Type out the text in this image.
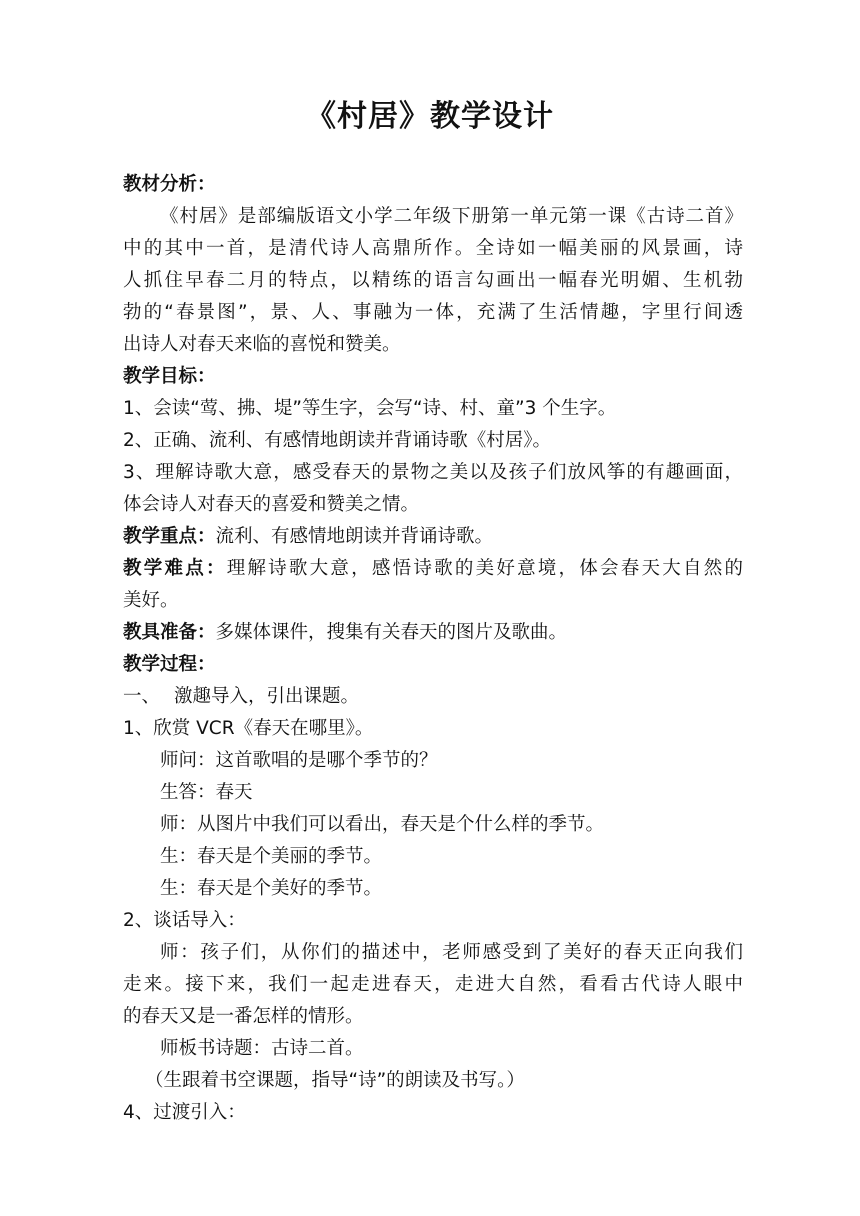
《村居》教学设计
教材分析：
《村居》是部编版语文小学二年级下册第一单元第一课《古诗二首》
中的其中一首，是清代诗人高鼎所作。全诗如一幅美丽的风景画，诗
人抓住早春二月的特点，以精练的语言勾画出一幅春光明媚、生机勃
勃的“春景图”，景、人、事融为一体，充满了生活情趣，字里行间透
出诗人对春天来临的喜悦和赞美。
教学目标：
1、会读“莺、拂、堤”等生字，会写“诗、村、童”3 个生字。
2、正确、流利、有感情地朗读并背诵诗歌《村居》。
3、理解诗歌大意，感受春天的景物之美以及孩子们放风筝的有趣画面，
体会诗人对春天的喜爱和赞美之情。
教学重点：流利、有感情地朗读并背诵诗歌。
教学难点：理解诗歌大意，感悟诗歌的美好意境，体会春天大自然的
美好。
教具准备：多媒体课件，搜集有关春天的图片及歌曲。
教学过程：
一、 激趣导入，引出课题。
1、欣赏 VCR《春天在哪里》。
师问：这首歌唱的是哪个季节的？
生答：春天
师：从图片中我们可以看出，春天是个什么样的季节。
生：春天是个美丽的季节。
生：春天是个美好的季节。
2、谈话导入：
师：孩子们，从你们的描述中，老师感受到了美好的春天正向我们
走来。接下来，我们一起走进春天，走进大自然，看看古代诗人眼中
的春天又是一番怎样的情形。
师板书诗题：古诗二首。
（生跟着书空课题，指导“诗”的朗读及书写。）
4、过渡引入：
